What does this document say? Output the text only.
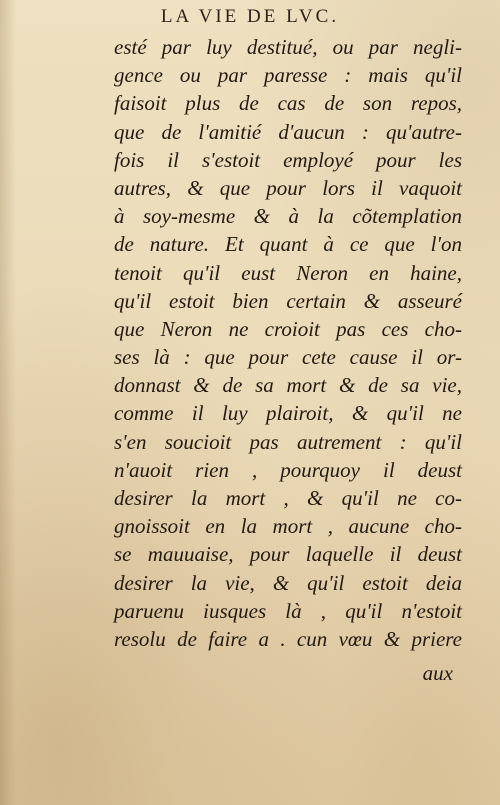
LA VIE DE LVC.
esté par luy destitué, ou par negli-
gence ou par paresse : mais qu'il
faisoit plus de cas de son repos,
que de l'amitié d'aucun : qu'autre-
fois il s'estoit employé pour les
autres, & que pour lors il vaquoit
à soy-mesme & à la cõtemplation
de nature. Et quant à ce que l'on
tenoit qu'il eust Neron en haine,
qu'il estoit bien certain & asseuré
que Neron ne croioit pas ces cho-
ses là : que pour cete cause il or-
donnast & de sa mort & de sa vie,
comme il luy plairoit, & qu'il ne
s'en soucioit pas autrement : qu'il
n'auoit rien , pourquoy il deust
desirer la mort , & qu'il ne co-
gnoissoit en la mort , aucune cho-
se mauuaise, pour laquelle il deust
desirer la vie, & qu'il estoit deia
paruenu iusques là , qu'il n'estoit
resolu de faire a . cun vœu & priere

aux
